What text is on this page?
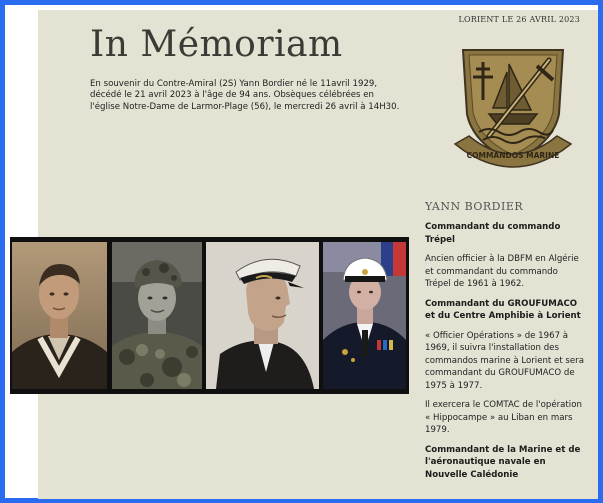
LORIENT LE 26 AVRIL 2023
In Mémoriam
En souvenir du Contre-Amiral (2S) Yann Bordier né le 11avril 1929, décédé le 21 avril 2023 à l'âge de 94 ans. Obsèques célébrées en l'église Notre-Dame de Larmor-Plage (56), le mercredi 26 avril à 14H30.
COMMANDOS MARINE
YANN BORDIER
Commandant du commando Trépel

Ancien officier à la DBFM en Algérie et commandant du commando Trépel de 1961 à 1962.

Commandant du GROUFUMACO et du Centre Amphibie à Lorient

« Officier Opérations » de 1967 à 1969, il suivra l'installation des commandos marine à Lorient et sera commandant du GROUFUMACO de 1975 à 1977.

Il exercera le COMTAC de l'opération « Hippocampe » au Liban en mars 1979.

Commandant de la Marine et de l'aéronautique navale en Nouvelle Calédonie
